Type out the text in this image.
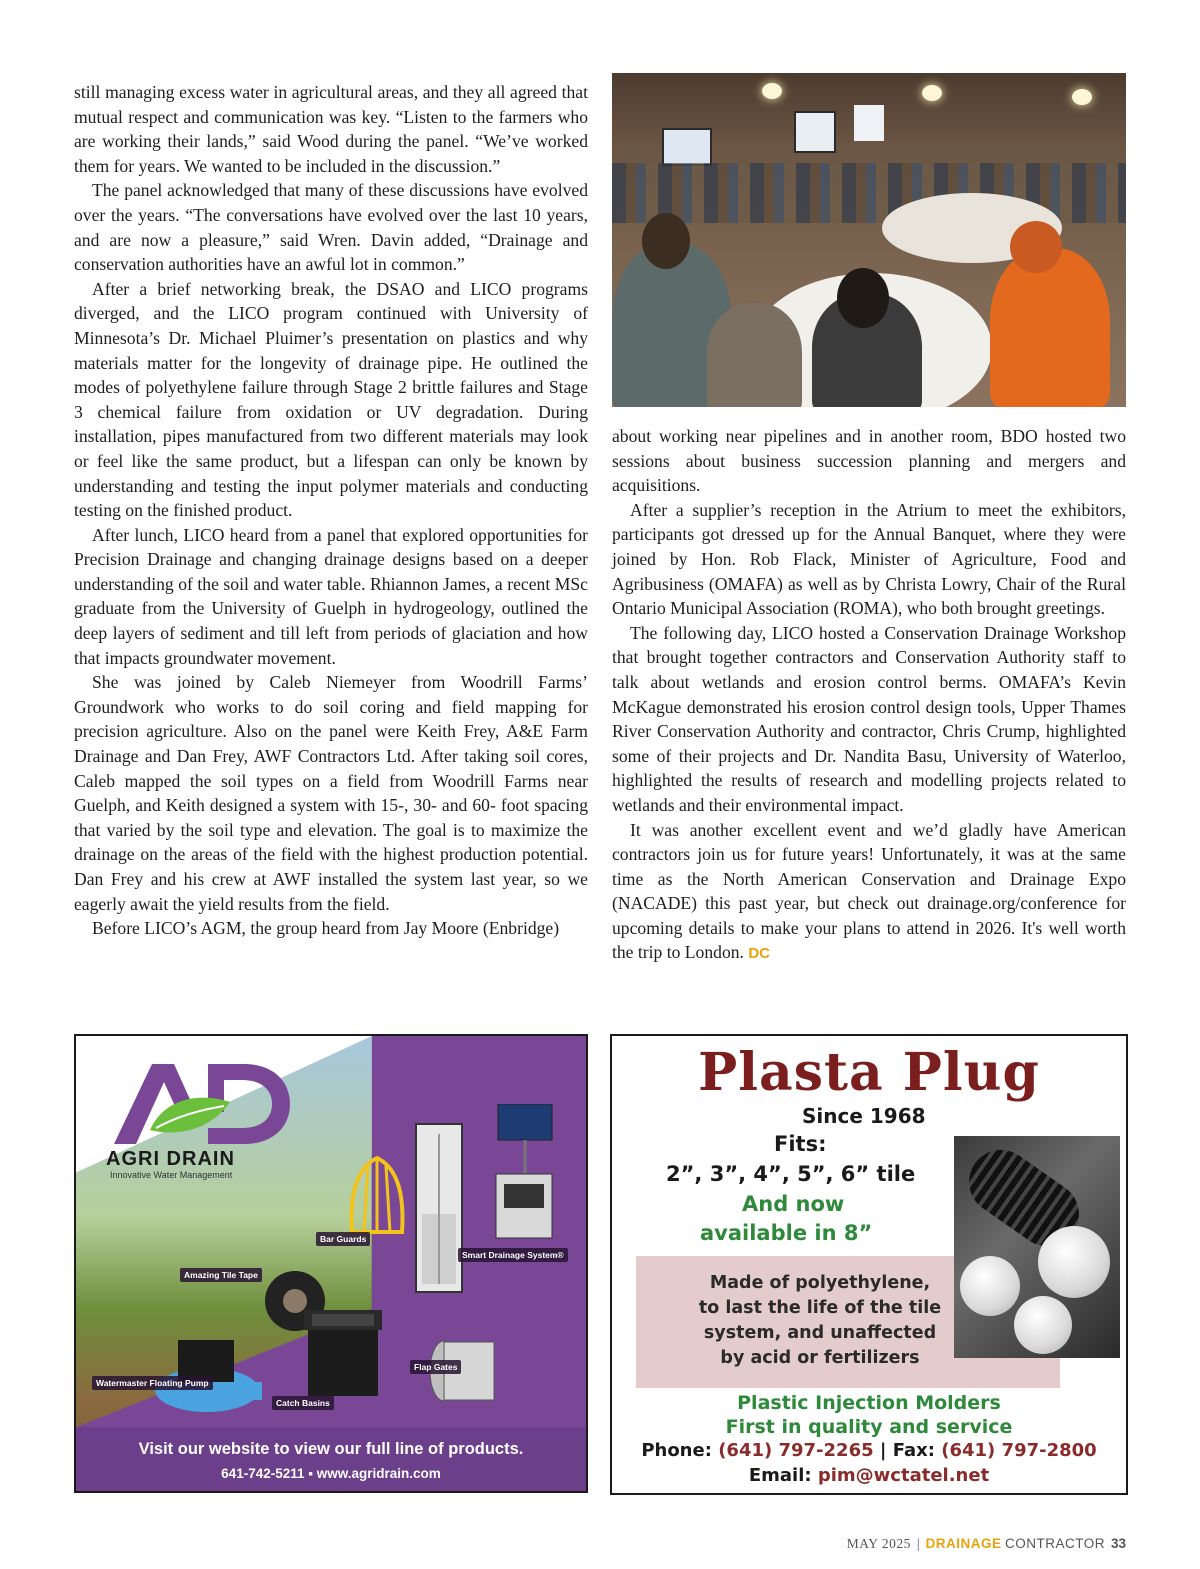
still managing excess water in agricultural areas, and they all agreed that mutual respect and communication was key. “Listen to the farmers who are working their lands,” said Wood during the panel. “We’ve worked them for years. We wanted to be included in the discussion.”

The panel acknowledged that many of these discussions have evolved over the years. “The conversations have evolved over the last 10 years, and are now a pleasure,” said Wren. Davin added, “Drainage and conservation authorities have an awful lot in common.”

After a brief networking break, the DSAO and LICO programs diverged, and the LICO program continued with University of Minnesota’s Dr. Michael Pluimer’s presentation on plastics and why materials matter for the longevity of drainage pipe. He outlined the modes of polyethylene failure through Stage 2 brittle failures and Stage 3 chemical failure from oxidation or UV degradation. During installation, pipes manufactured from two different materials may look or feel like the same product, but a lifespan can only be known by understanding and testing the input polymer materials and conducting testing on the finished product.

After lunch, LICO heard from a panel that explored opportunities for Precision Drainage and changing drainage designs based on a deeper understanding of the soil and water table. Rhiannon James, a recent MSc graduate from the University of Guelph in hydrogeology, outlined the deep layers of sediment and till left from periods of glaciation and how that impacts groundwater movement.

She was joined by Caleb Niemeyer from Woodrill Farms’ Groundwork who works to do soil coring and field mapping for precision agriculture. Also on the panel were Keith Frey, A&E Farm Drainage and Dan Frey, AWF Contractors Ltd. After taking soil cores, Caleb mapped the soil types on a field from Woodrill Farms near Guelph, and Keith designed a system with 15-, 30- and 60- foot spacing that varied by the soil type and elevation. The goal is to maximize the drainage on the areas of the field with the highest production potential. Dan Frey and his crew at AWF installed the system last year, so we eagerly await the yield results from the field.

Before LICO’s AGM, the group heard from Jay Moore (Enbridge)

about working near pipelines and in another room, BDO hosted two sessions about business succession planning and mergers and acquisitions.

After a supplier’s reception in the Atrium to meet the exhibitors, participants got dressed up for the Annual Banquet, where they were joined by Hon. Rob Flack, Minister of Agriculture, Food and Agribusiness (OMAFA) as well as by Christa Lowry, Chair of the Rural Ontario Municipal Association (ROMA), who both brought greetings.

The following day, LICO hosted a Conservation Drainage Workshop that brought together contractors and Conservation Authority staff to talk about wetlands and erosion control berms. OMAFA’s Kevin McKague demonstrated his erosion control design tools, Upper Thames River Conservation Authority and contractor, Chris Crump, highlighted some of their projects and Dr. Nandita Basu, University of Waterloo, highlighted the results of research and modelling projects related to wetlands and their environmental impact.

It was another excellent event and we’d gladly have American contractors join us for future years! Unfortunately, it was at the same time as the North American Conservation and Drainage Expo (NACADE) this past year, but check out drainage.org/conference for upcoming details to make your plans to attend in 2026. It's well worth the trip to London. DC

AGRI DRAIN
Innovative Water Management
Bar Guards
Smart Drainage System®
Amazing Tile Tape
Flap Gates
Watermaster Floating Pump
Catch Basins
Visit our website to view our full line of products.
641-742-5211 ▪ www.agridrain.com
Plasta Plug
Since 1968
Fits:
2”, 3”, 4”, 5”, 6” tile
And now
available in 8”
Made of polyethylene,
to last the life of the tile
system, and unaffected
by acid or fertilizers
Plastic Injection Molders
First in quality and service
Phone: (641) 797-2265 | Fax: (641) 797-2800
Email: pim@wctatel.net
MAY 2025 | DRAINAGE CONTRACTOR 33
